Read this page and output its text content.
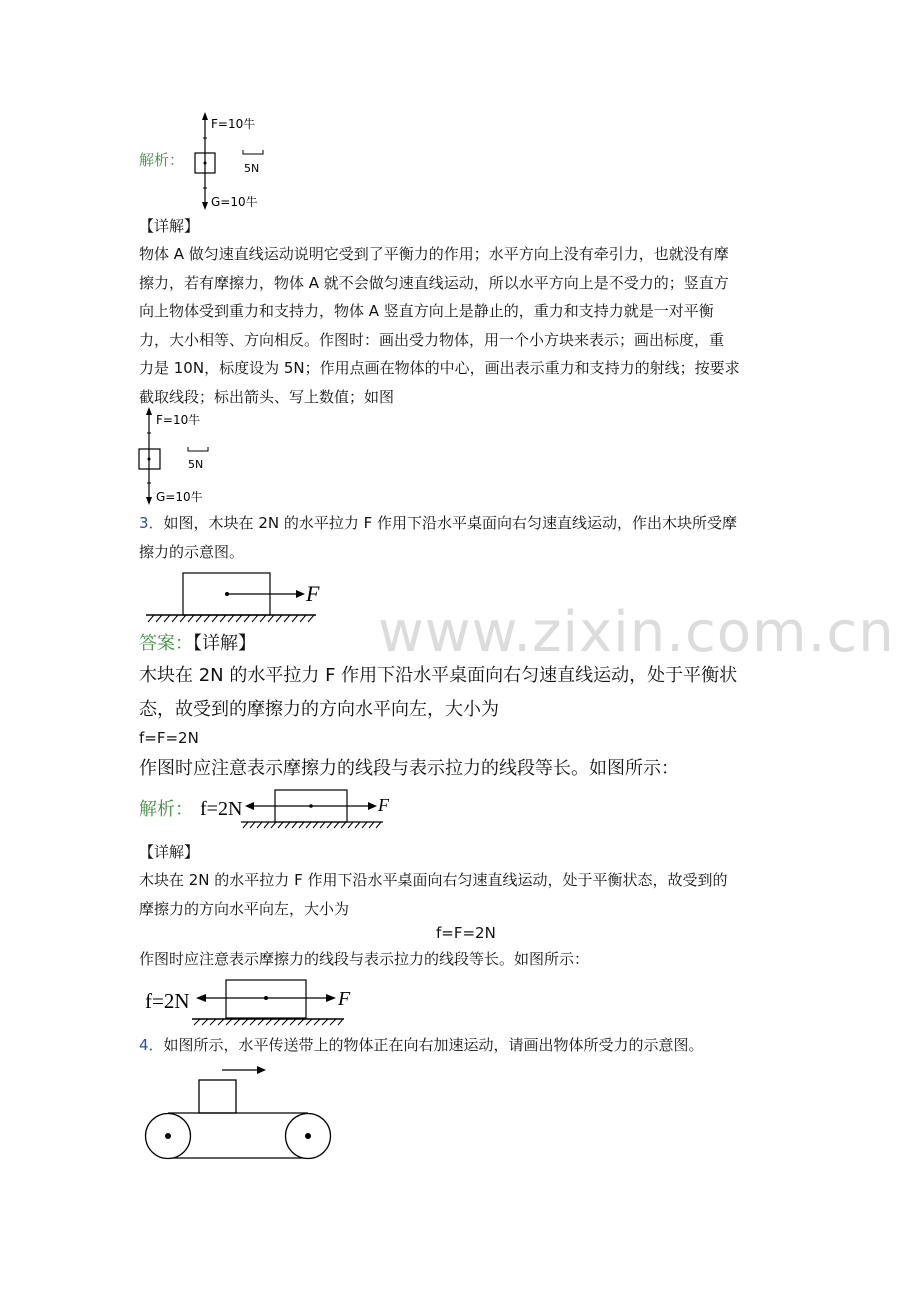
www.zixin.com.cn
解析：
F=10牛
G=10牛
5N
【详解】
物体 A 做匀速直线运动说明它受到了平衡力的作用；水平方向上没有牵引力，也就没有摩
擦力，若有摩擦力，物体 A 就不会做匀速直线运动，所以水平方向上是不受力的；竖直方
向上物体受到重力和支持力，物体 A 竖直方向上是静止的，重力和支持力就是一对平衡
力，大小相等、方向相反。作图时：画出受力物体，用一个小方块来表示；画出标度，重
力是 10N，标度设为 5N；作用点画在物体的中心，画出表示重力和支持力的射线；按要求
截取线段；标出箭头、写上数值；如图
F=10牛
G=10牛
5N
3．如图，木块在 2N 的水平拉力 F 作用下沿水平桌面向右匀速直线运动，作出木块所受摩
擦力的示意图。
F
答案：【详解】
木块在 2N 的水平拉力 F 作用下沿水平桌面向右匀速直线运动，处于平衡状
态，故受到的摩擦力的方向水平向左，大小为
f=F=2N
作图时应注意表示摩擦力的线段与表示拉力的线段等长。如图所示：
解析： f=2N	F
【详解】
木块在 2N 的水平拉力 F 作用下沿水平桌面向右匀速直线运动，处于平衡状态，故受到的
摩擦力的方向水平向左，大小为
f=F=2N
作图时应注意表示摩擦力的线段与表示拉力的线段等长。如图所示：
f=2N	F
4．如图所示，水平传送带上的物体正在向右加速运动，请画出物体所受力的示意图。
